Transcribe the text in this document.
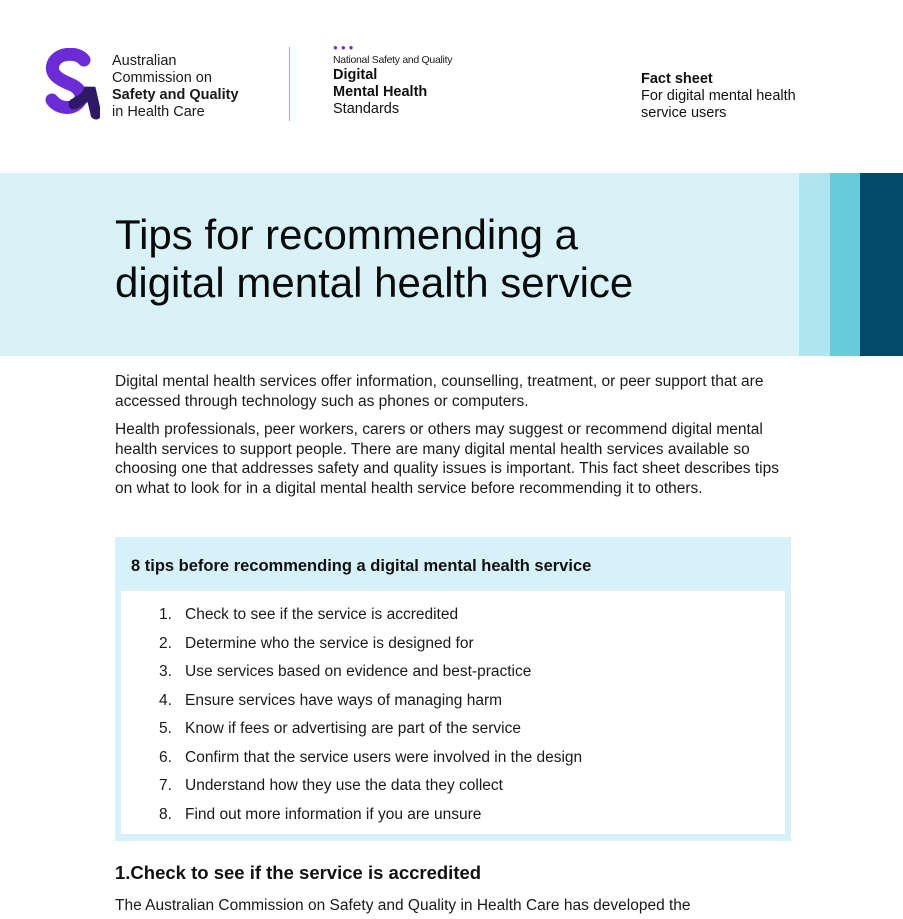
Australian
Commission on
Safety and Quality
in Health Care
●●●
National Safety and Quality
Digital
Mental Health
Standards
Fact sheet
For digital mental health
service users
Tips for recommending a
digital mental health service

Digital mental health services offer information, counselling, treatment, or peer support that are accessed through technology such as phones or computers.

Health professionals, peer workers, carers or others may suggest or recommend digital mental health services to support people. There are many digital mental health services available so choosing one that addresses safety and quality issues is important. This fact sheet describes tips on what to look for in a digital mental health service before recommending it to others.

8 tips before recommending a digital mental health service
1. Check to see if the service is accredited
2. Determine who the service is designed for
3. Use services based on evidence and best-practice
4. Ensure services have ways of managing harm
5. Know if fees or advertising are part of the service
6. Confirm that the service users were involved in the design
7. Understand how they use the data they collect
8. Find out more information if you are unsure
1.Check to see if the service is accredited

The Australian Commission on Safety and Quality in Health Care has developed the
